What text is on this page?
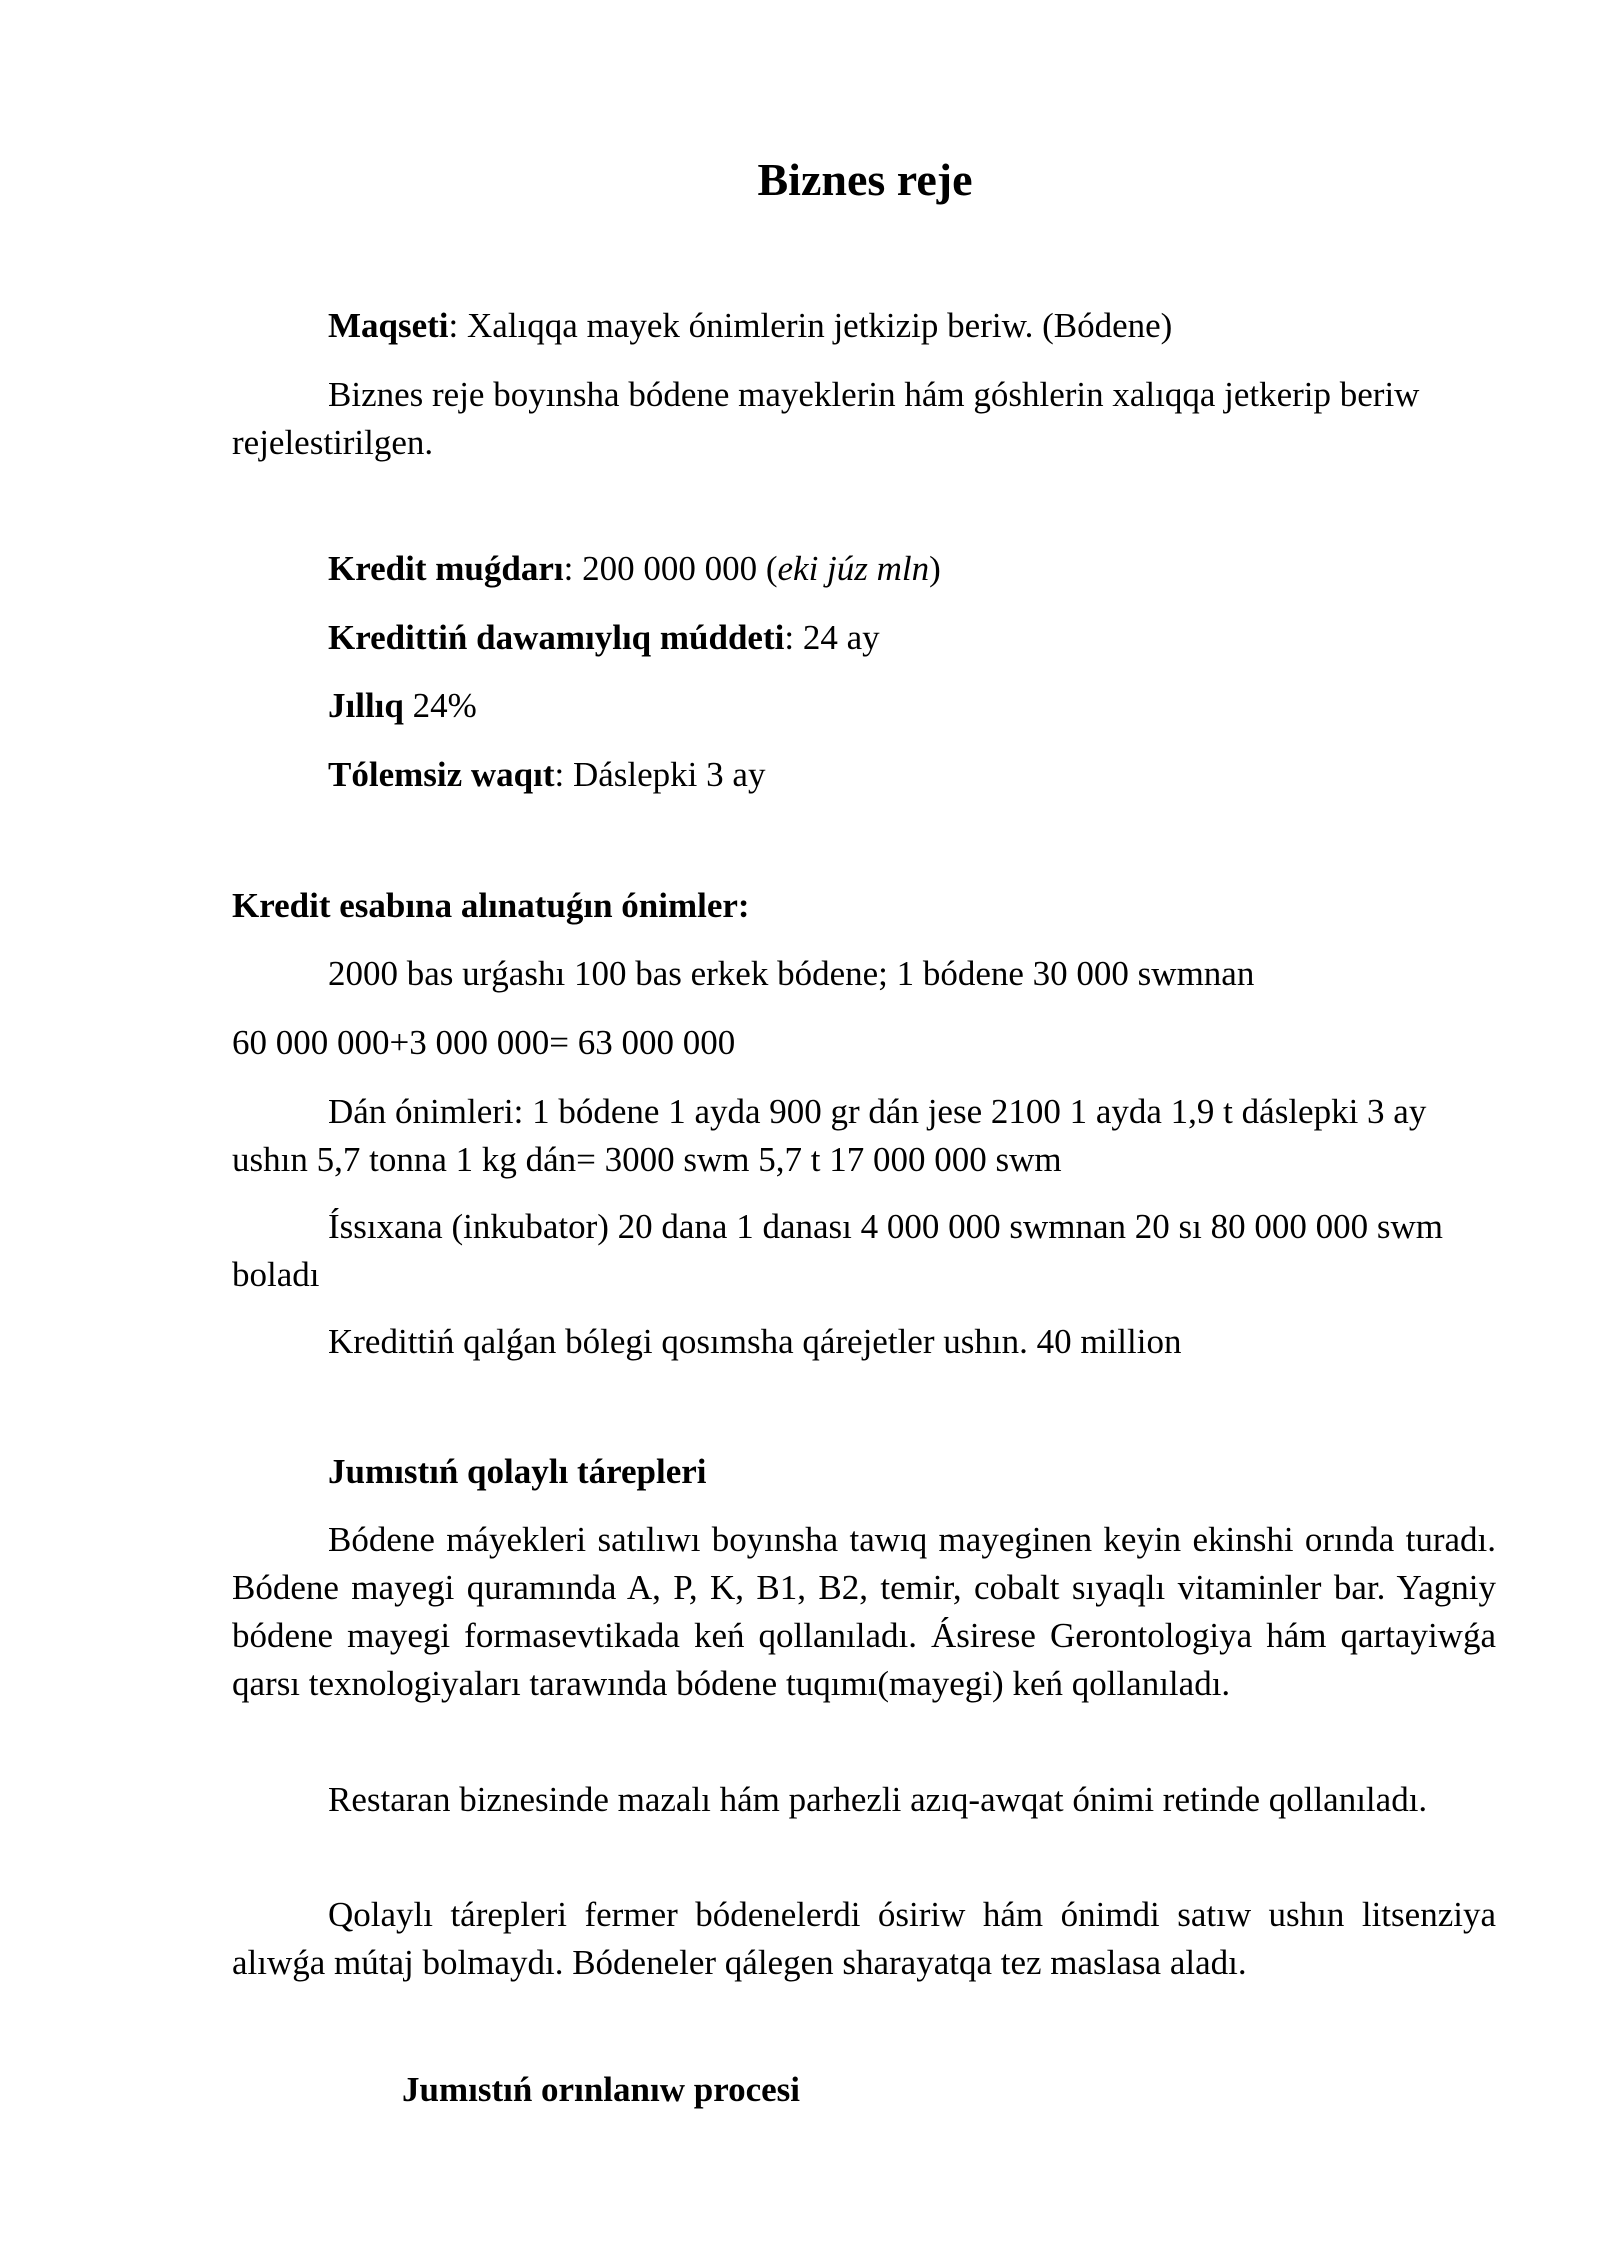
Biznes reje

Maqseti: Xalıqqa mayek ónimlerin jetkizip beriw. (Bódene)

Biznes reje boyınsha bódene mayeklerin hám góshlerin xalıqqa jetkerip beriw rejelestirilgen.

Kredit muǵdarı: 200 000 000 (eki júz mln)

Kredittiń dawamıylıq múddeti: 24 ay

Jıllıq 24%

Tólemsiz waqıt: Dáslepki 3 ay

Kredit esabına alınatuǵın ónimler:

2000 bas urǵashı 100 bas erkek bódene; 1 bódene 30 000 swmnan

60 000 000+3 000 000= 63 000 000

Dán ónimleri: 1 bódene 1 ayda 900 gr dán jese 2100 1 ayda 1,9 t dáslepki 3 ay ushın 5,7 tonna 1 kg dán= 3000 swm 5,7 t 17 000 000 swm

Íssıxana (inkubator) 20 dana 1 danası 4 000 000 swmnan 20 sı 80 000 000 swm boladı

Kredittiń qalǵan bólegi qosımsha qárejetler ushın. 40 million

Jumıstıń qolaylı tárepleri

Bódene máyekleri satılıwı boyınsha tawıq mayeginen keyin ekinshi orında turadı. Bódene mayegi quramında A, P, K, B1, B2, temir, cobalt sıyaqlı vitaminler bar. Yagniy bódene mayegi formasevtikada keń qollanıladı. Ásirese Gerontologiya hám qartayiwǵa qarsı texnologiyaları tarawında bódene tuqımı(mayegi) keń qollanıladı.

Restaran biznesinde mazalı hám parhezli azıq-awqat ónimi retinde qollanıladı.

Qolaylı tárepleri fermer bódenelerdi ósiriw hám ónimdi satıw ushın litsenziya alıwǵa mútaj bolmaydı. Bódeneler qálegen sharayatqa tez maslasa aladı.

Jumıstıń orınlanıw procesi
